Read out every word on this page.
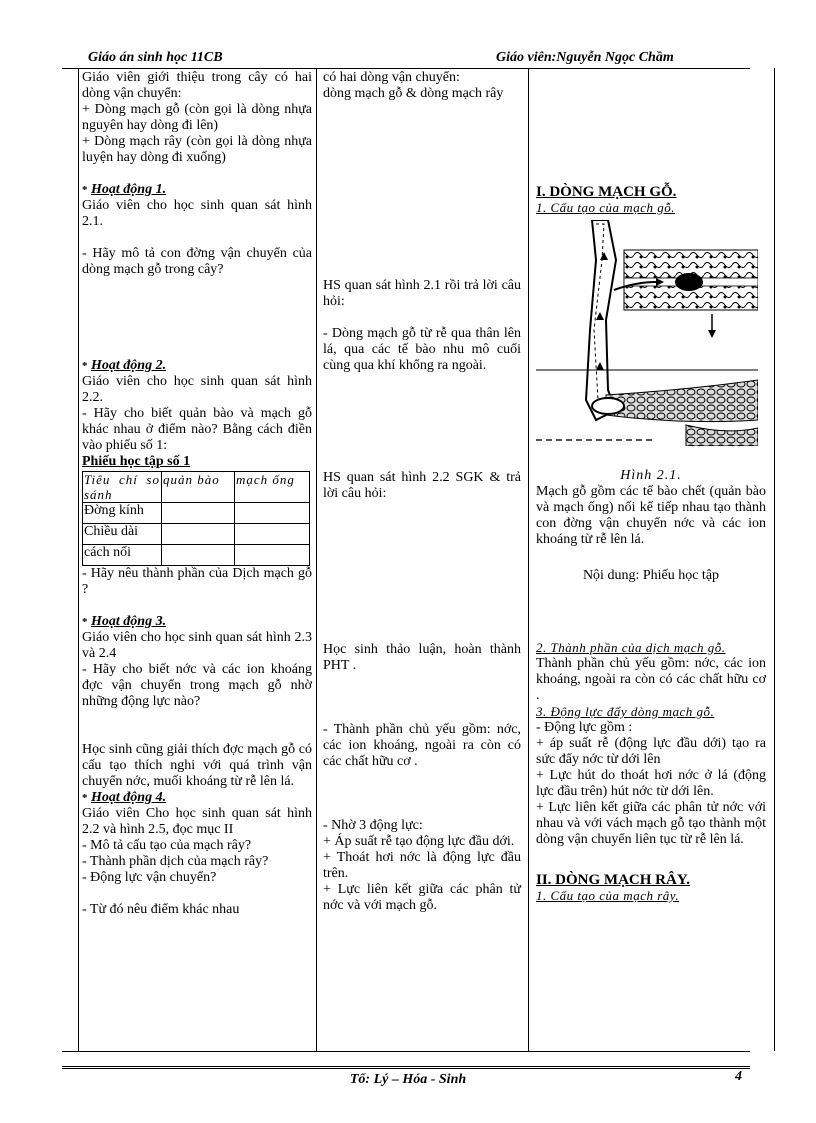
Giáo án sinh học 11CB	Giáo viên:Nguyễn Ngọc Chầm

Giáo viên giới thiệu trong cây có hai dòng vận chuyển:

+ Dòng mạch gỗ (còn gọi là dòng nhựa nguyên hay dòng đi lên)

+ Dòng mạch rây (còn gọi là dòng nhựa luyện hay dòng đi xuống)

* Hoạt động 1.

Giáo viên cho học sinh quan sát hình 2.1.

- Hãy mô tả con đờng vận chuyển của dòng mạch gỗ trong cây?

* Hoạt động 2.

Giáo viên cho học sinh quan sát hình 2.2.

- Hãy cho biết quản bào và mạch gỗ khác nhau ở điểm nào? Bằng cách điền vào phiếu số 1:

Phiếu học tập số 1

Tiêu chí so sánh	quản bào	mạch ống
Đờng kính		
Chiều dài		
cách nối		

- Hãy nêu thành phần của Dịch mạch gỗ ?

* Hoạt động 3.

Giáo viên cho học sinh quan sát hình 2.3 và 2.4

- Hãy cho biết nớc và các ion khoáng đợc vận chuyển trong mạch gỗ nhờ những động lực nào?

Học sinh cũng giải thích đợc mạch gỗ có cấu tạo thích nghi với quá trình vận chuyển nớc, muối khoáng từ rễ lên lá.

* Hoạt động 4.

Giáo viên Cho học sinh quan sát hình 2.2 và hình 2.5, đọc mục II

- Mô tả cấu tạo của mạch rây?

- Thành phần dịch của mạch rây?

- Động lực vận chuyển?

- Từ đó nêu điểm khác nhau

có hai dòng vận chuyển:

dòng mạch gỗ & dòng mạch rây

HS quan sát hình 2.1 rồi trả lời câu hỏi:

- Dòng mạch gỗ từ rễ qua thân lên lá, qua các tế bào nhu mô cuối cùng qua khí khổng ra ngoài.

HS quan sát hình 2.2 SGK & trả lời câu hỏi:

Học sinh thảo luận, hoàn thành PHT .

- Thành phần chủ yếu gồm: nớc, các ion khoáng, ngoài ra còn có các chất hữu cơ .

- Nhờ 3 động lực:

+ Áp suất rễ tạo động lực đầu dới.

+ Thoát hơi nớc là động lực đầu trên.

+ Lực liên kết giữa các phân tử nớc và với mạch gỗ.

I. DÒNG MẠCH GỖ.

1. Cấu tạo của mạch gỗ.

Hình 2.1.

Mạch gỗ gồm các tế bào chết (quản bào và mạch ống) nối kế tiếp nhau tạo thành con đờng vận chuyển nớc và các ion khoáng từ rễ lên lá.

Nội dung: Phiếu học tập

2. Thành phần của dịch mạch gỗ.

Thành phần chủ yếu gồm: nớc, các ion khoáng, ngoài ra còn có các chất hữu cơ .

3. Động lực đẩy dòng mạch gỗ.

- Động lực gồm :

+ áp suất rễ (động lực đầu dới) tạo ra sức đẩy nớc từ dới lên

+ Lực hút do thoát hơi nớc ở lá (động lực đầu trên) hút nớc từ dới lên.

+ Lực liên kết giữa các phân tử nớc với nhau và với vách mạch gỗ tạo thành một dòng vận chuyển liên tục từ rễ lên lá.

II. DÒNG MẠCH RÂY.

1. Cấu tạo của mạch rây.

Tổ: Lý – Hóa - Sinh	4
